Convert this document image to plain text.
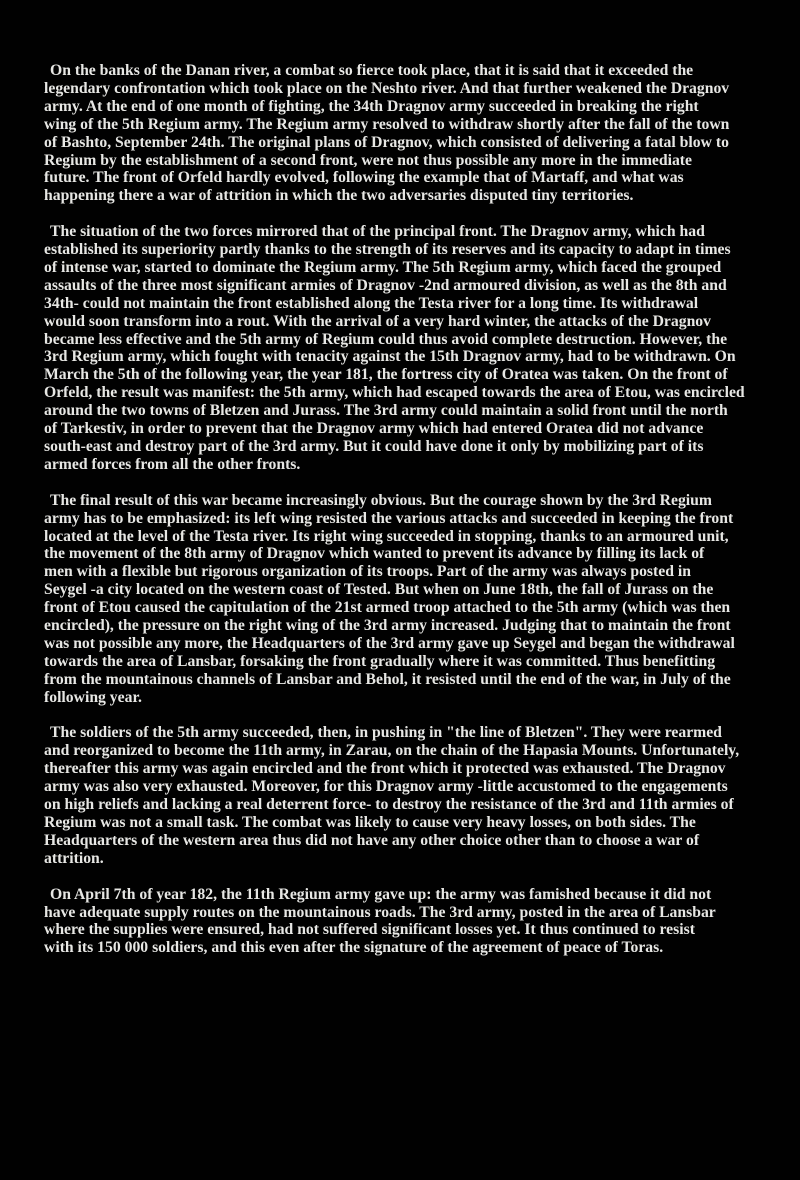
On the banks of the Danan river, a combat so fierce took place, that it is said that it exceeded the
legendary confrontation which took place on the Neshto river. And that further weakened the Dragnov
army. At the end of one month of fighting, the 34th Dragnov army succeeded in breaking the right
wing of the 5th Regium army. The Regium army resolved to withdraw shortly after the fall of the town
of Bashto, September 24th. The original plans of Dragnov, which consisted of delivering a fatal blow to
Regium by the establishment of a second front, were not thus possible any more in the immediate
future. The front of Orfeld hardly evolved, following the example that of Martaff, and what was
happening there a war of attrition in which the two adversaries disputed tiny territories.

The situation of the two forces mirrored that of the principal front. The Dragnov army, which had
established its superiority partly thanks to the strength of its reserves and its capacity to adapt in times
of intense war, started to dominate the Regium army. The 5th Regium army, which faced the grouped
assaults of the three most significant armies of Dragnov -2nd armoured division, as well as the 8th and
34th- could not maintain the front established along the Testa river for a long time. Its withdrawal
would soon transform into a rout. With the arrival of a very hard winter, the attacks of the Dragnov
became less effective and the 5th army of Regium could thus avoid complete destruction. However, the
3rd Regium army, which fought with tenacity against the 15th Dragnov army, had to be withdrawn. On
March the 5th of the following year, the year 181, the fortress city of Oratea was taken. On the front of
Orfeld, the result was manifest: the 5th army, which had escaped towards the area of Etou, was encircled
around the two towns of Bletzen and Jurass. The 3rd army could maintain a solid front until the north
of Tarkestiv, in order to prevent that the Dragnov army which had entered Oratea did not advance
south-east and destroy part of the 3rd army. But it could have done it only by mobilizing part of its
armed forces from all the other fronts.

The final result of this war became increasingly obvious. But the courage shown by the 3rd Regium
army has to be emphasized: its left wing resisted the various attacks and succeeded in keeping the front
located at the level of the Testa river. Its right wing succeeded in stopping, thanks to an armoured unit,
the movement of the 8th army of Dragnov which wanted to prevent its advance by filling its lack of
men with a flexible but rigorous organization of its troops. Part of the army was always posted in
Seygel -a city located on the western coast of Tested. But when on June 18th, the fall of Jurass on the
front of Etou caused the capitulation of the 21st armed troop attached to the 5th army (which was then
encircled), the pressure on the right wing of the 3rd army increased. Judging that to maintain the front
was not possible any more, the Headquarters of the 3rd army gave up Seygel and began the withdrawal
towards the area of Lansbar, forsaking the front gradually where it was committed. Thus benefitting
from the mountainous channels of Lansbar and Behol, it resisted until the end of the war, in July of the
following year.

The soldiers of the 5th army succeeded, then, in pushing in "the line of Bletzen". They were rearmed
and reorganized to become the 11th army, in Zarau, on the chain of the Hapasia Mounts. Unfortunately,
thereafter this army was again encircled and the front which it protected was exhausted. The Dragnov
army was also very exhausted. Moreover, for this Dragnov army -little accustomed to the engagements
on high reliefs and lacking a real deterrent force- to destroy the resistance of the 3rd and 11th armies of
Regium was not a small task. The combat was likely to cause very heavy losses, on both sides. The
Headquarters of the western area thus did not have any other choice other than to choose a war of
attrition.

On April 7th of year 182, the 11th Regium army gave up: the army was famished because it did not
have adequate supply routes on the mountainous roads. The 3rd army, posted in the area of Lansbar
where the supplies were ensured, had not suffered significant losses yet. It thus continued to resist
with its 150 000 soldiers, and this even after the signature of the agreement of peace of Toras.
